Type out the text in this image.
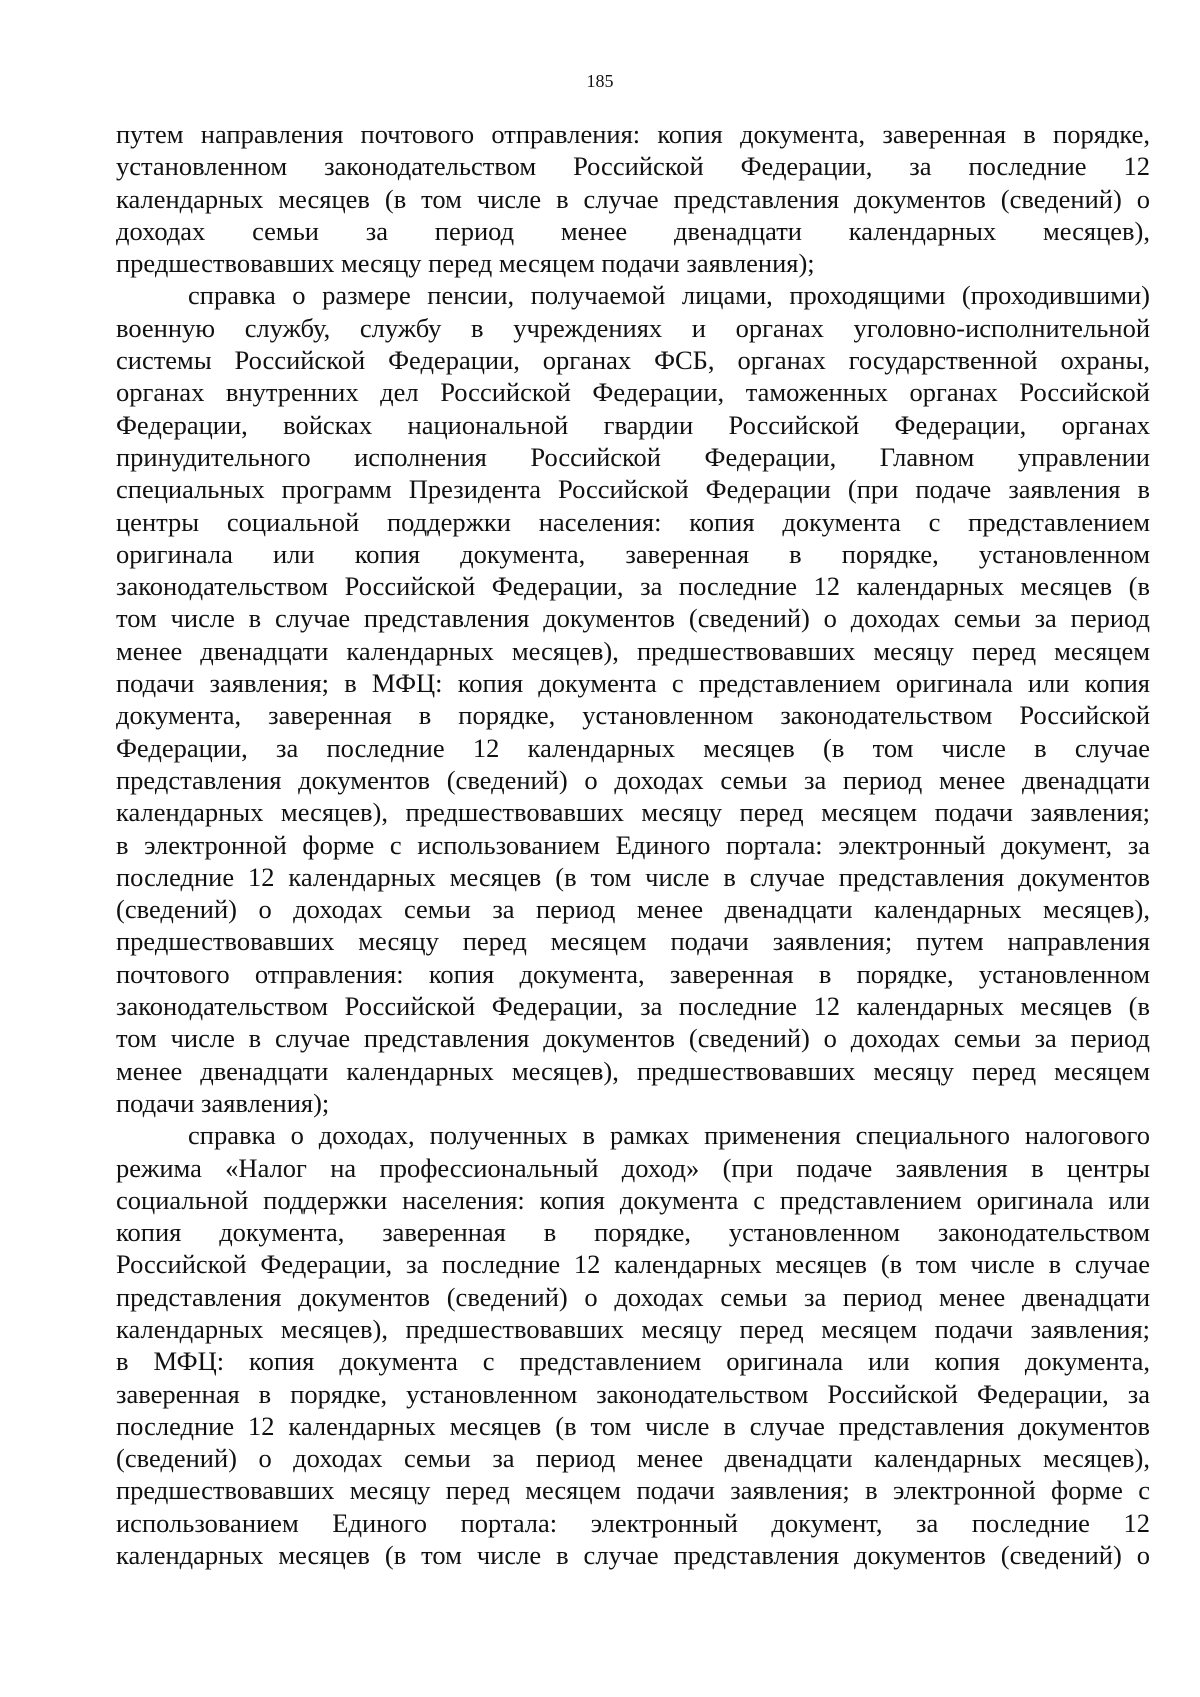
185
путем направления почтового отправления: копия документа, заверенная в порядке,
установленном законодательством Российской Федерации, за последние 12
календарных месяцев (в том числе в случае представления документов (сведений) о
доходах семьи за период менее двенадцати календарных месяцев),
предшествовавших месяцу перед месяцем подачи заявления);
справка о размере пенсии, получаемой лицами, проходящими (проходившими)
военную службу, службу в учреждениях и органах уголовно-исполнительной
системы Российской Федерации, органах ФСБ, органах государственной охраны,
органах внутренних дел Российской Федерации, таможенных органах Российской
Федерации, войсках национальной гвардии Российской Федерации, органах
принудительного исполнения Российской Федерации, Главном управлении
специальных программ Президента Российской Федерации (при подаче заявления в
центры социальной поддержки населения: копия документа с представлением
оригинала или копия документа, заверенная в порядке, установленном
законодательством Российской Федерации, за последние 12 календарных месяцев (в
том числе в случае представления документов (сведений) о доходах семьи за период
менее двенадцати календарных месяцев), предшествовавших месяцу перед месяцем
подачи заявления; в МФЦ: копия документа с представлением оригинала или копия
документа, заверенная в порядке, установленном законодательством Российской
Федерации, за последние 12 календарных месяцев (в том числе в случае
представления документов (сведений) о доходах семьи за период менее двенадцати
календарных месяцев), предшествовавших месяцу перед месяцем подачи заявления;
в электронной форме с использованием Единого портала: электронный документ, за
последние 12 календарных месяцев (в том числе в случае представления документов
(сведений) о доходах семьи за период менее двенадцати календарных месяцев),
предшествовавших месяцу перед месяцем подачи заявления; путем направления
почтового отправления: копия документа, заверенная в порядке, установленном
законодательством Российской Федерации, за последние 12 календарных месяцев (в
том числе в случае представления документов (сведений) о доходах семьи за период
менее двенадцати календарных месяцев), предшествовавших месяцу перед месяцем
подачи заявления);
справка о доходах, полученных в рамках применения специального налогового
режима «Налог на профессиональный доход» (при подаче заявления в центры
социальной поддержки населения: копия документа с представлением оригинала или
копия документа, заверенная в порядке, установленном законодательством
Российской Федерации, за последние 12 календарных месяцев (в том числе в случае
представления документов (сведений) о доходах семьи за период менее двенадцати
календарных месяцев), предшествовавших месяцу перед месяцем подачи заявления;
в МФЦ: копия документа с представлением оригинала или копия документа,
заверенная в порядке, установленном законодательством Российской Федерации, за
последние 12 календарных месяцев (в том числе в случае представления документов
(сведений) о доходах семьи за период менее двенадцати календарных месяцев),
предшествовавших месяцу перед месяцем подачи заявления; в электронной форме с
использованием Единого портала: электронный документ, за последние 12
календарных месяцев (в том числе в случае представления документов (сведений) о
